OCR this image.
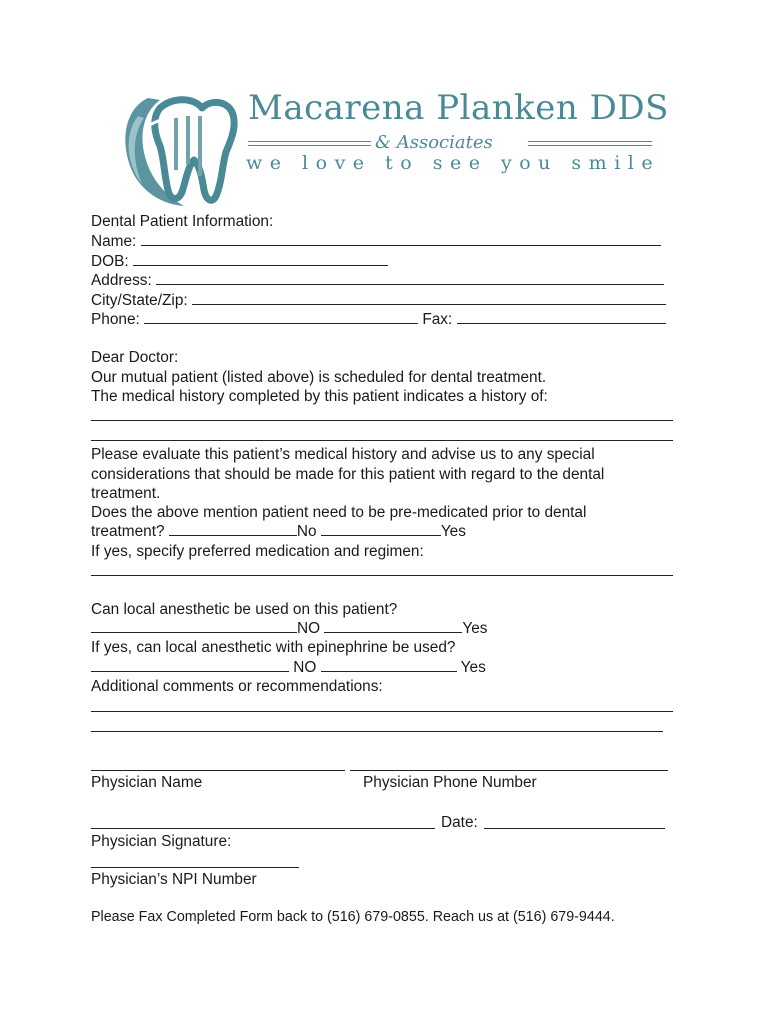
Macarena Planken DDS
& Associates
we love to see you smile
Dental Patient Information:
Name:
DOB:
Address:
City/State/Zip:
Phone:	Fax:
Dear Doctor:
Our mutual patient (listed above) is scheduled for dental treatment.
The medical history completed by this patient indicates a history of:
Please evaluate this patient’s medical history and advise us to any special
considerations that should be made for this patient with regard to the dental
treatment.
Does the above mention patient need to be pre-medicated prior to dental
treatment?	No	Yes
If yes, specify preferred medication and regimen:
Can local anesthetic be used on this patient?
NO	Yes
If yes, can local anesthetic with epinephrine be used?
NO	Yes
Additional comments or recommendations:
Physician Name	Physician Phone Number
Date:
Physician Signature:
Physician’s NPI Number
Please Fax Completed Form back to (516) 679-0855. Reach us at (516) 679-9444.
